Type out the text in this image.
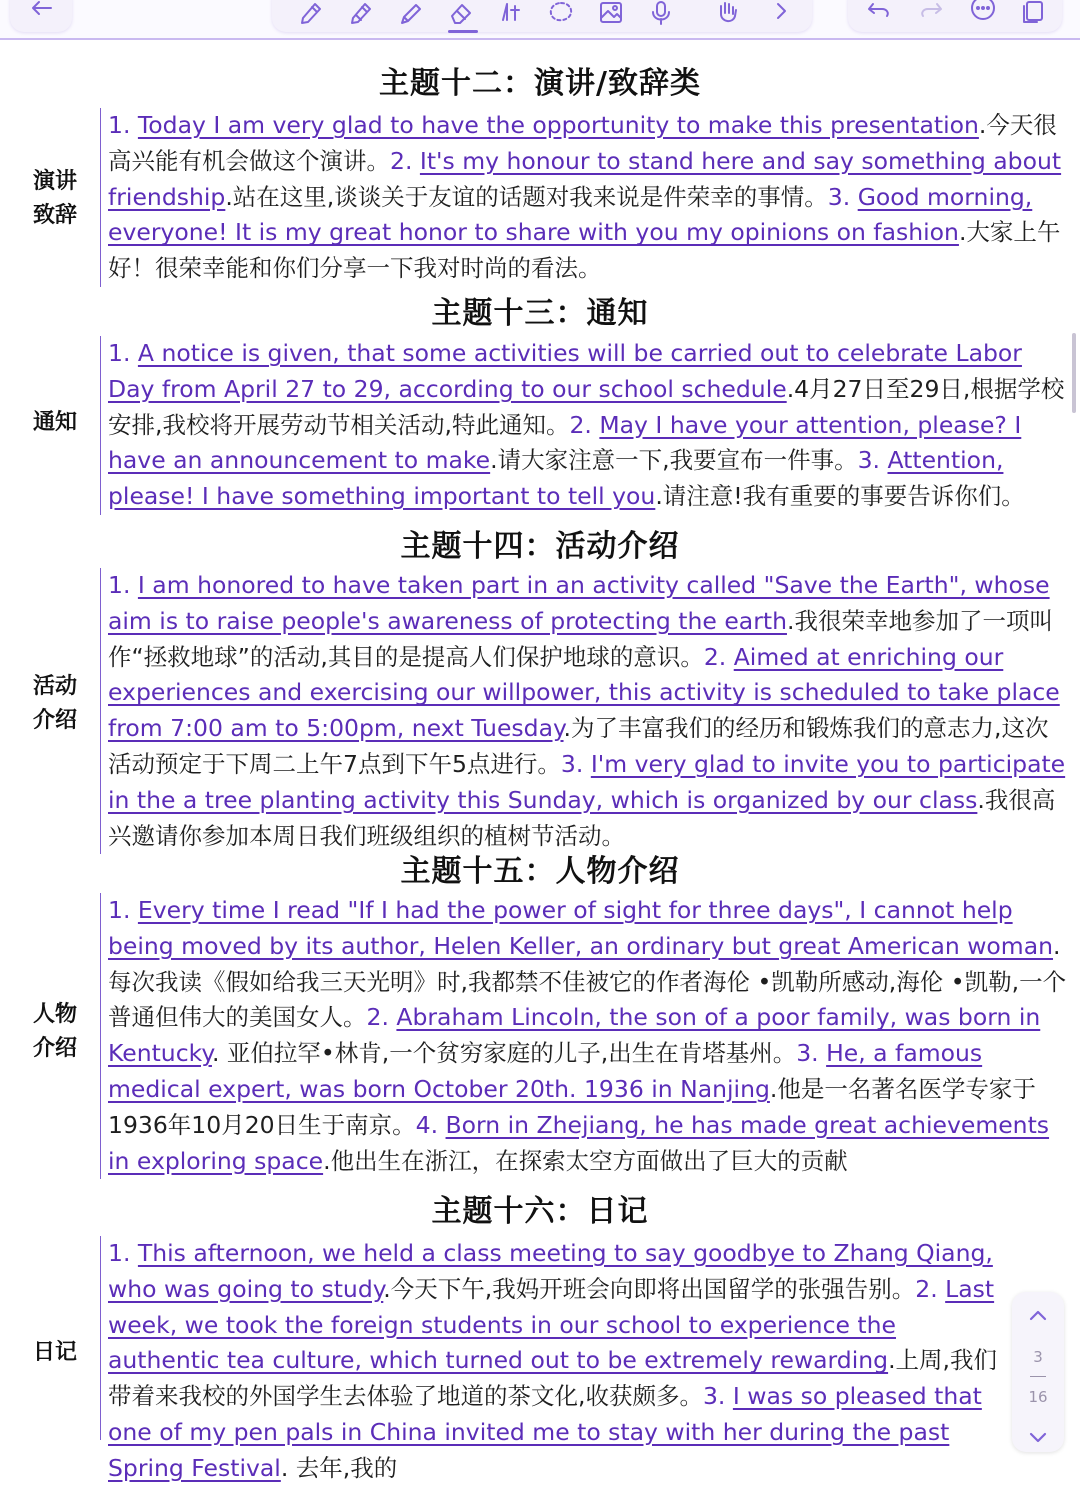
主题十二：演讲/致辞类
演讲
致辞
1. Today I am very glad to have the opportunity to make this presentation.今天很高兴能有机会做这个演讲。2. It's my honour to stand here and say something about friendship.站在这里,谈谈关于友谊的话题对我来说是件荣幸的事情。3. Good morning, everyone! It is my great honor to share with you my opinions on fashion.大家上午好！很荣幸能和你们分享一下我对时尚的看法。
主题十三：通知
通知
1. A notice is given, that some activities will be carried out to celebrate Labor Day from April 27 to 29, according to our school schedule.4月27日至29日,根据学校安排,我校将开展劳动节相关活动,特此通知。2. May I have your attention, please? I have an announcement to make.请大家注意一下,我要宣布一件事。3. Attention, please! I have something important to tell you.请注意!我有重要的事要告诉你们。
主题十四：活动介绍
活动
介绍
1. I am honored to have taken part in an activity called "Save the Earth", whose aim is to raise people's awareness of protecting the earth.我很荣幸地参加了一项叫作“拯救地球”的活动,其目的是提高人们保护地球的意识。2. Aimed at enriching our experiences and exercising our willpower, this activity is scheduled to take place from 7:00 am to 5:00pm, next Tuesday.为了丰富我们的经历和锻炼我们的意志力,这次活动预定于下周二上午7点到下午5点进行。3. I'm very glad to invite you to participate in the a tree planting activity this Sunday, which is organized by our class.我很高兴邀请你参加本周日我们班级组织的植树节活动。
主题十五：人物介绍
人物
介绍
1. Every time I read "If I had the power of sight for three days", I cannot help being moved by its author, Helen Keller, an ordinary but great American woman.每次我读《假如给我三天光明》时,我都禁不佳被它的作者海伦 •凯勒所感动,海伦 •凯勒,一个普通但伟大的美国女人。2. Abraham Lincoln, the son of a poor family, was born in Kentucky. 亚伯拉罕•林肯,一个贫穷家庭的儿子,出生在肯塔基州。3. He, a famous medical expert, was born October 20th. 1936 in Nanjing.他是一名著名医学专家于1936年10月20日生于南京。4. Born in Zhejiang, he has made great achievements in exploring space.他出生在浙江，在探索太空方面做出了巨大的贡献
主题十六：日记
日记
1. This afternoon, we held a class meeting to say goodbye to Zhang Qiang, who was going to study.今天下午,我妈开班会向即将出国留学的张强告别。2. Last week, we took the foreign students in our school to experience the authentic tea culture, which turned out to be extremely rewarding.上周,我们带着来我校的外国学生去体验了地道的茶文化,收获颇多。3. I was so pleased that one of my pen pals in China invited me to stay with her during the past Spring Festival. 去年,我的
3
16
